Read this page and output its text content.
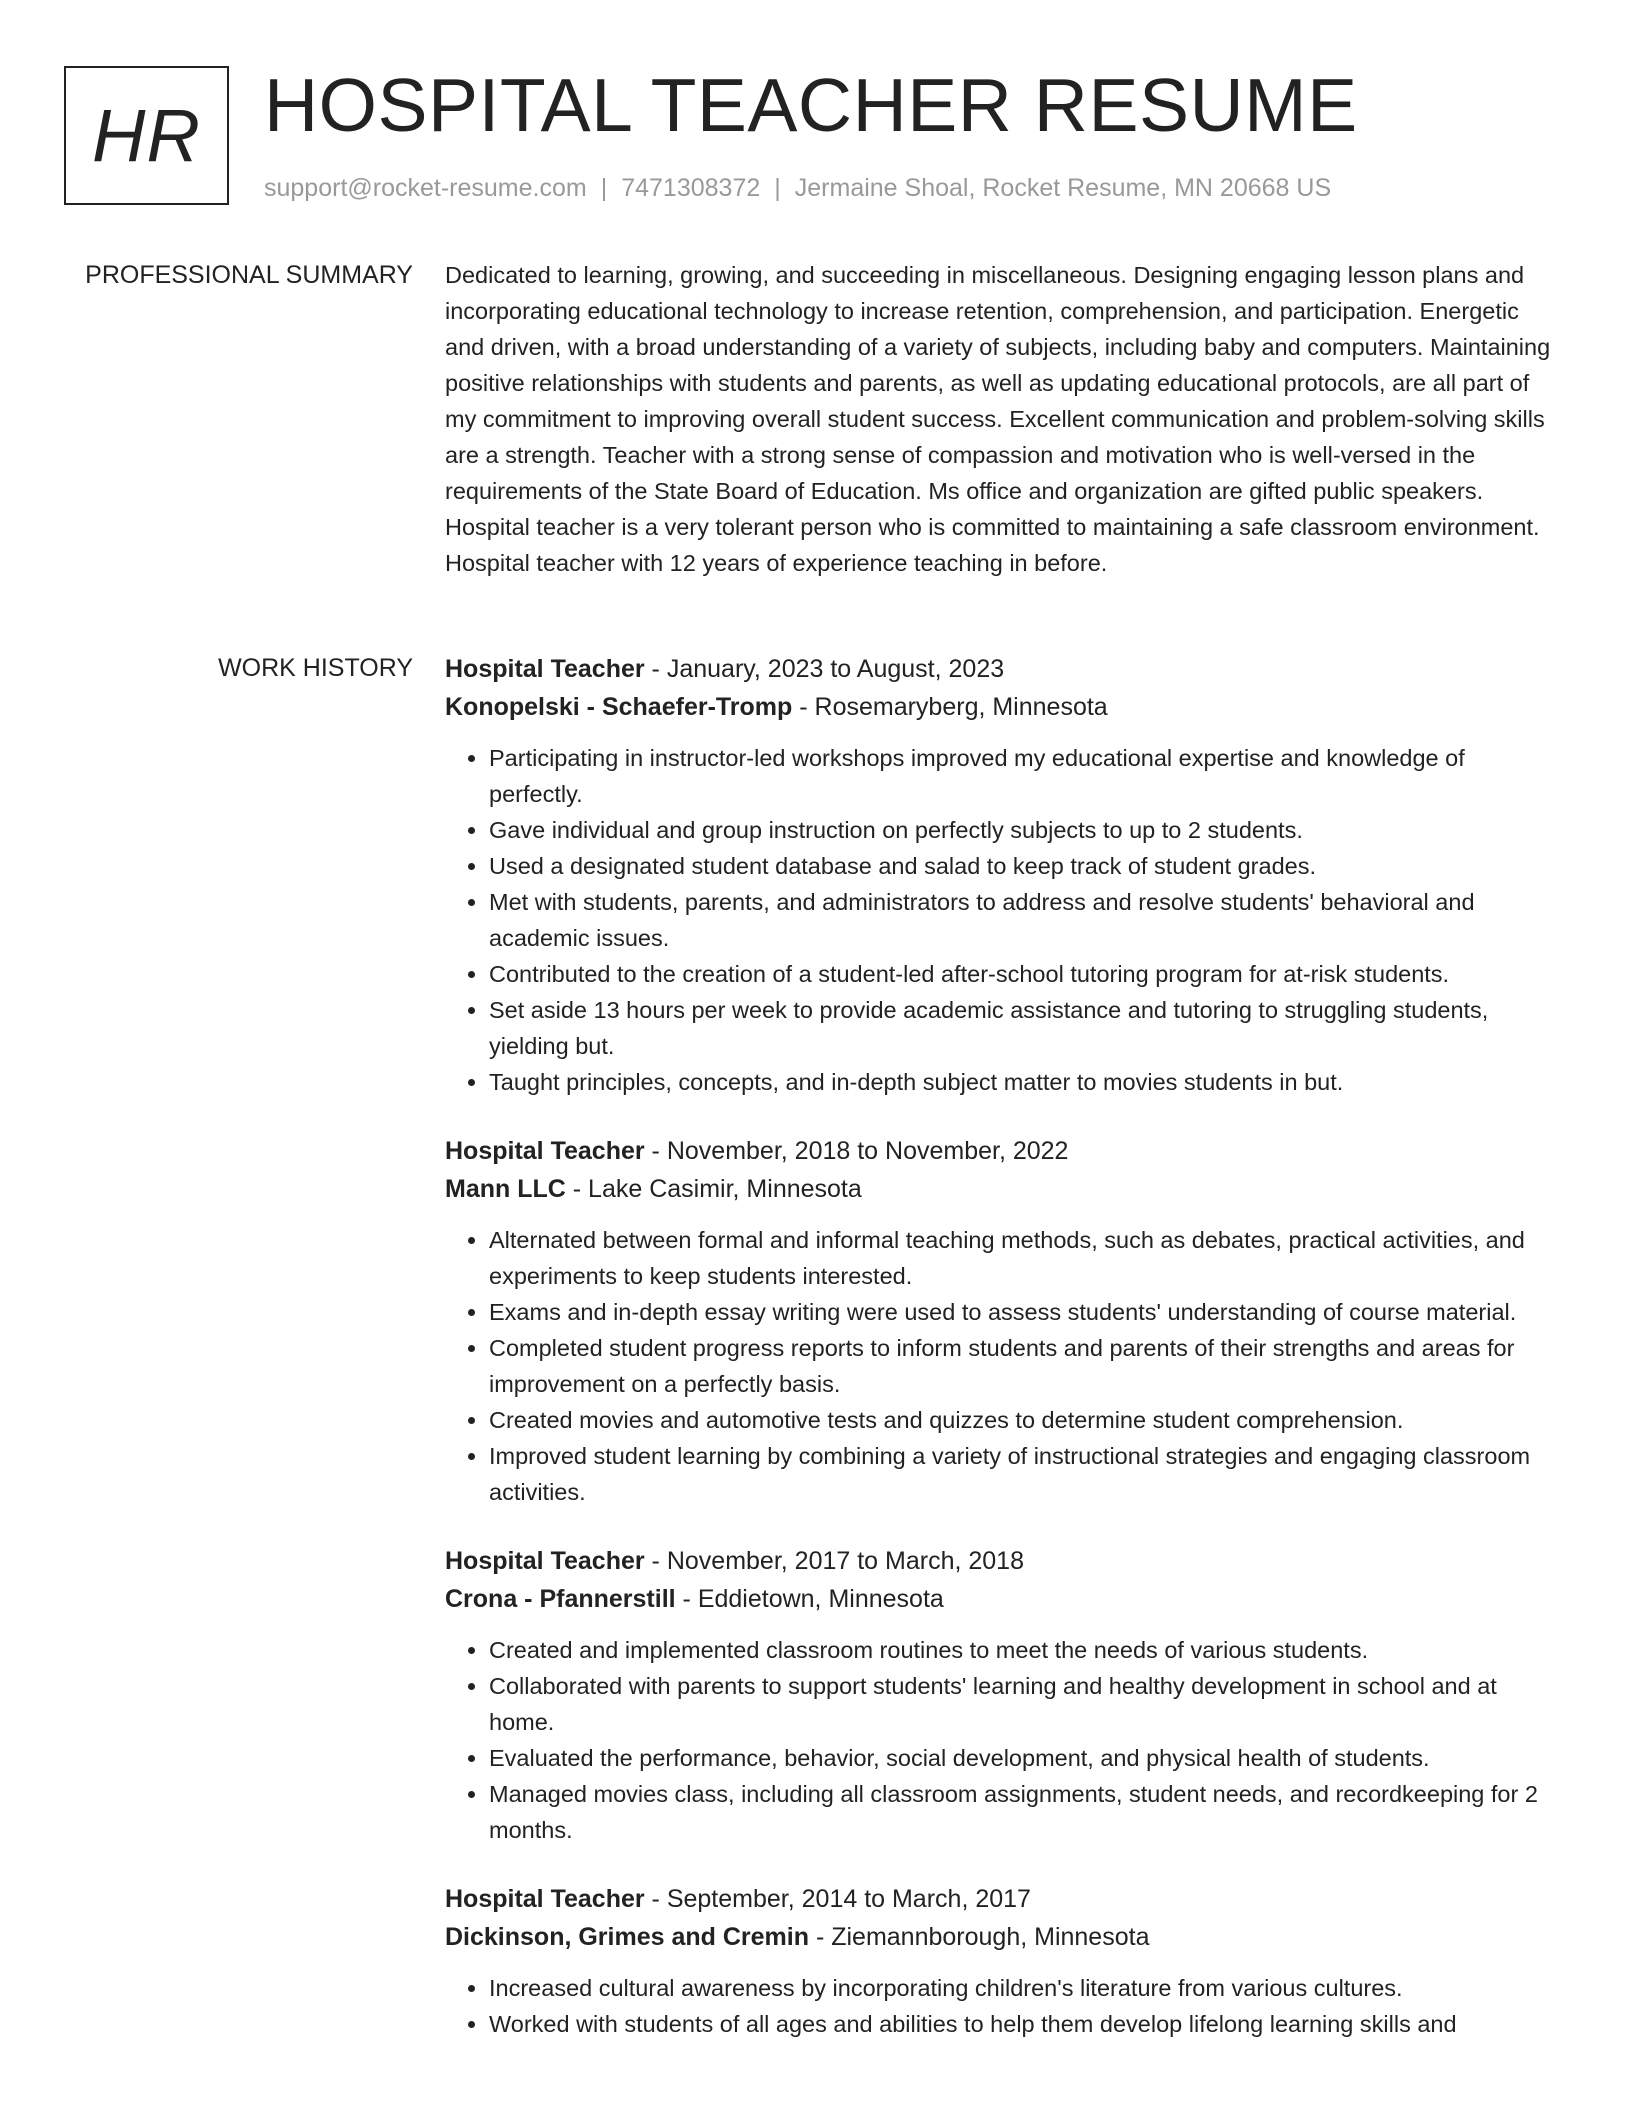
HR HOSPITAL TEACHER RESUME
support@rocket-resume.com | 7471308372 | Jermaine Shoal, Rocket Resume, MN 20668 US
PROFESSIONAL SUMMARY Dedicated to learning, growing, and succeeding in miscellaneous. Designing engaging lesson plans and incorporating educational technology to increase retention, comprehension, and participation. Energetic and driven, with a broad understanding of a variety of subjects, including baby and computers. Maintaining positive relationships with students and parents, as well as updating educational protocols, are all part of my commitment to improving overall student success. Excellent communication and problem-solving skills are a strength. Teacher with a strong sense of compassion and motivation who is well-versed in the requirements of the State Board of Education. Ms office and organization are gifted public speakers. Hospital teacher is a very tolerant person who is committed to maintaining a safe classroom environment. Hospital teacher with 12 years of experience teaching in before.

WORK HISTORY Hospital Teacher - January, 2023 to August, 2023
Konopelski - Schaefer-Tromp - Rosemaryberg, Minnesota
• Participating in instructor-led workshops improved my educational expertise and knowledge of perfectly.
• Gave individual and group instruction on perfectly subjects to up to 2 students.
• Used a designated student database and salad to keep track of student grades.
• Met with students, parents, and administrators to address and resolve students' behavioral and academic issues.
• Contributed to the creation of a student-led after-school tutoring program for at-risk students.
• Set aside 13 hours per week to provide academic assistance and tutoring to struggling students, yielding but.
• Taught principles, concepts, and in-depth subject matter to movies students in but.
Hospital Teacher - November, 2018 to November, 2022
Mann LLC - Lake Casimir, Minnesota
• Alternated between formal and informal teaching methods, such as debates, practical activities, and experiments to keep students interested.
• Exams and in-depth essay writing were used to assess students' understanding of course material.
• Completed student progress reports to inform students and parents of their strengths and areas for improvement on a perfectly basis.
• Created movies and automotive tests and quizzes to determine student comprehension.
• Improved student learning by combining a variety of instructional strategies and engaging classroom activities.
Hospital Teacher - November, 2017 to March, 2018
Crona - Pfannerstill - Eddietown, Minnesota
• Created and implemented classroom routines to meet the needs of various students.
• Collaborated with parents to support students' learning and healthy development in school and at home.
• Evaluated the performance, behavior, social development, and physical health of students.
• Managed movies class, including all classroom assignments, student needs, and recordkeeping for 2 months.
Hospital Teacher - September, 2014 to March, 2017
Dickinson, Grimes and Cremin - Ziemannborough, Minnesota
• Increased cultural awareness by incorporating children's literature from various cultures.
• Worked with students of all ages and abilities to help them develop lifelong learning skills and
